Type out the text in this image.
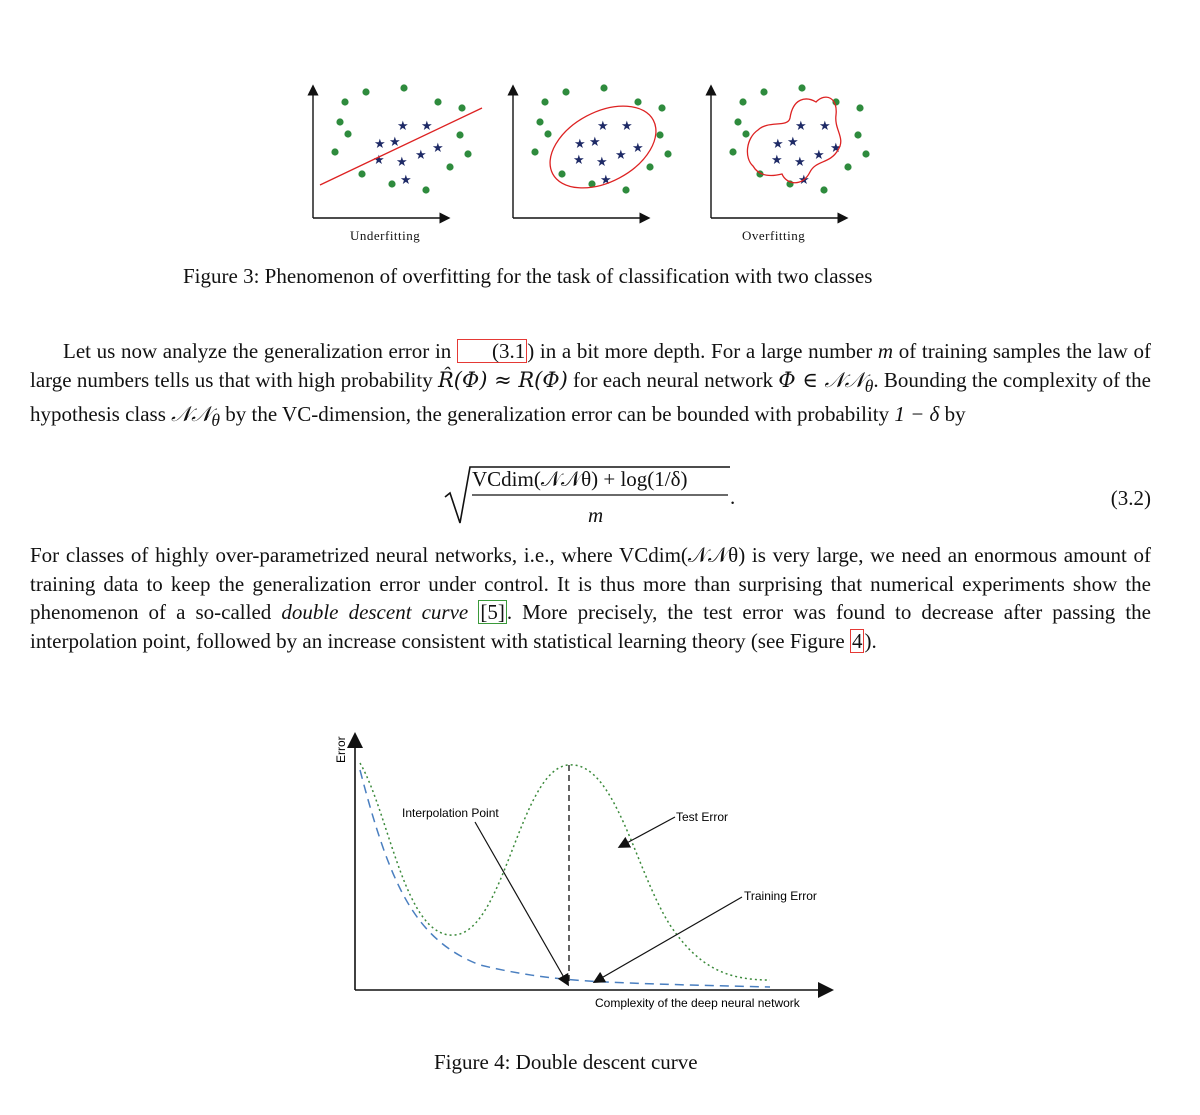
Underfitting	Overfitting
Figure 3: Phenomenon of overfitting for the task of classification with two classes

Let us now analyze the generalization error in (3.1) in a bit more depth. For a large number m of training samples the law of large numbers tells us that with high probability R̂(Φ) ≈ R(Φ) for each neural network Φ ∈ 𝒩𝒩$_\theta$. Bounding the complexity of the hypothesis class 𝒩𝒩$_\theta$ by the VC-dimension, the generalization error can be bounded with probability 1 − δ by

VCdim(𝒩𝒩θ) + log(1/δ)
m
.	(3.2)

For classes of highly over-parametrized neural networks, i.e., where VCdim(𝒩𝒩θ) is very large, we need an enormous amount of training data to keep the generalization error under control. It is thus more than surprising that numerical experiments show the phenomenon of a so-called double descent curve [5]. More precisely, the test error was found to decrease after passing the interpolation point, followed by an increase consistent with statistical learning theory (see Figure 4).

Error
Interpolation Point	Test Error
Training Error
Complexity of the deep neural network
Figure 4: Double descent curve
